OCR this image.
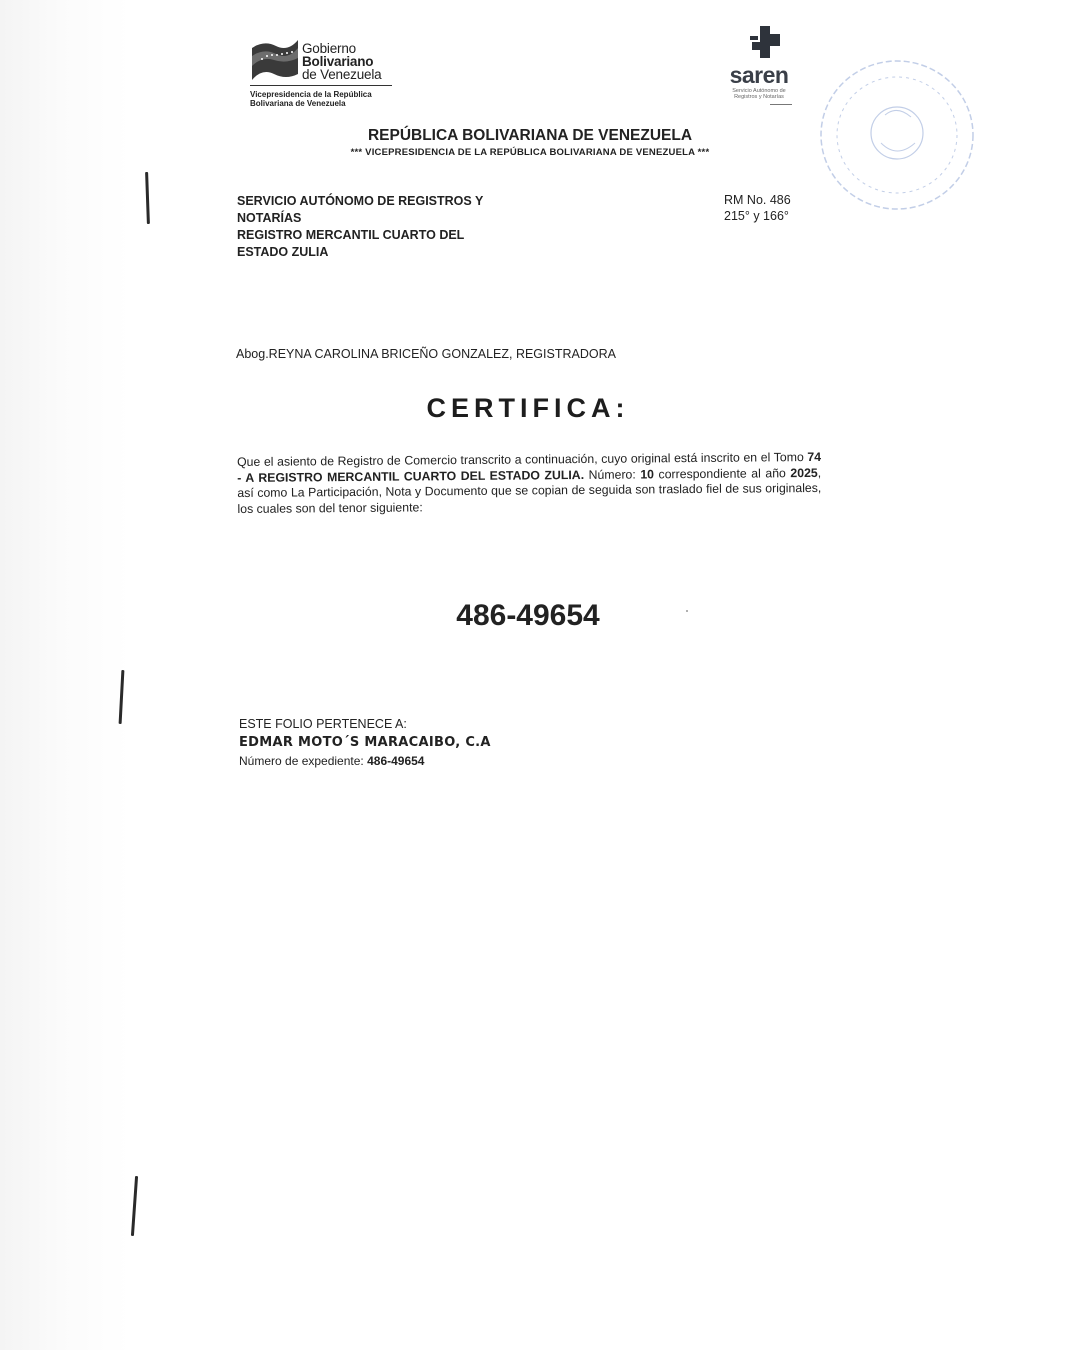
Gobierno
Bolivariano
de Venezuela
Vicepresidencia de la República
Bolivariana de Venezuela
saren
Servicio Autónomo de
Registros y Notarías
REPÚBLICA BOLIVARIANA DE VENEZUELA
*** VICEPRESIDENCIA DE LA REPÚBLICA BOLIVARIANA DE VENEZUELA ***
SERVICIO AUTÓNOMO DE REGISTROS Y
NOTARÍAS
REGISTRO MERCANTIL CUARTO DEL
ESTADO ZULIA
RM No. 486
215° y 166°
Abog.REYNA CAROLINA BRICEÑO GONZALEZ, REGISTRADORA
CERTIFICA:
Que el asiento de Registro de Comercio transcrito a continuación, cuyo original está inscrito en el Tomo 74 - A REGISTRO MERCANTIL CUARTO DEL ESTADO ZULIA. Número: 10 correspondiente al año 2025, así como La Participación, Nota y Documento que se copian de seguida son traslado fiel de sus originales, los cuales son del tenor siguiente:
486-49654
ESTE FOLIO PERTENECE A:
EDMAR MOTO´S MARACAIBO, C.A
Número de expediente: 486-49654
